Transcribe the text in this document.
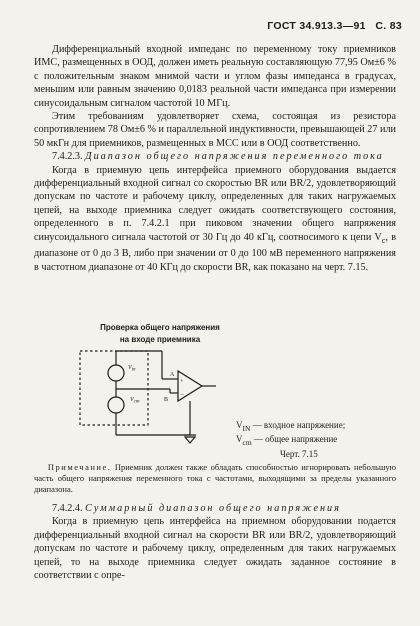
ГОСТ 34.913.3—91 С. 83

Дифференциальный входной импеданс по переменному току приемников ИМС, размещенных в ООД, должен иметь реальную составляющую 77,95 Ом±6 % с положительным знаком мнимой части и углом фазы импеданса в градусах, меньшим или равным значению 0,0183 реальной части импеданса при измерении синусоидальным сигналом частотой 10 МГц.

Этим требованиям удовлетворяет схема, состоящая из резистора сопротивлением 78 Ом±6 % и параллельной индуктивности, превышающей 27 или 50 мкГн для приемников, размещенных в МСС или в ООД соответственно.

7.4.2.3. Диапазон общего напряжения переменного тока

Когда в приемную цепь интерфейса приемного оборудования выдается дифференциальный входной сигнал со скоростью BR или BR/2, удовлетворяющий допускам по частоте и рабочему циклу, определенных для таких нагружаемых цепей, на выходе приемника следует ожидать соответствующего состояния, определенного в п. 7.4.2.1 при пиковом значении общего напряжения синусоидального сигнала частотой от 30 Гц до 40 кГц, соотносимого к цепи $V_c$, в диапазоне от 0 до 3 В, либо при значении от 0 до 100 мВ переменного напряжения в частотном диапазоне от 40 КГц до скорости BR, как показано на черт. 7.15.

Проверка общего напряжения
на входе приемника
$V_{in}$
$V_{cm}$
A
B
+
−
$V_{IN}$ — входное напряжение;
$V_{cm}$ — общее напряжение
Черт. 7.15
Примечание. Приемник должен также обладать способностью игнорировать небольшую часть общего напряжения переменного тока с частотами, выходящими за пределы указанного диапазона.

7.4.2.4. Суммарный диапазон общего напряжения

Когда в приемную цепь интерфейса на приемном оборудовании подается дифференциальный входной сигнал на скорости BR или BR/2, удовлетворяющий допускам по частоте и рабочему циклу, определенным для таких нагружаемых цепей, то на выходе приемника следует ожидать заданное состояние в соответствии с опре-
